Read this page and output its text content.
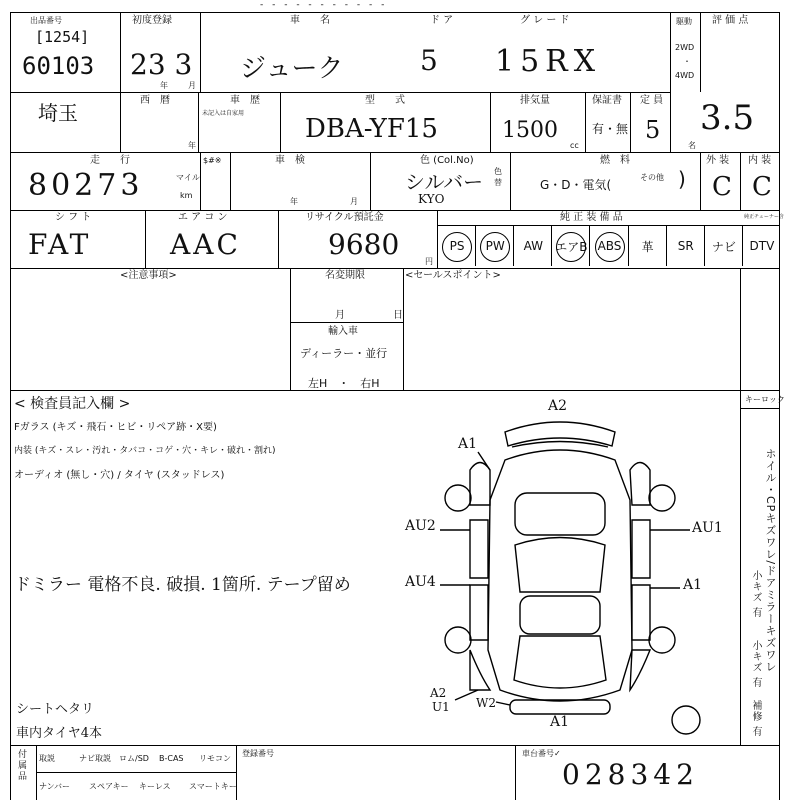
- - - - - - - - - - -
出品番号
[1254]
60103
初度登録
23 3
年	月
車　　名	ド ア	グ レ ー ド
ジューク	5 15RX
駆動
2WD
・
4WD
評 価 点
3.5
埼玉
西　暦
年
車　歴
未記入は自家用
型　　式
DBA-YF15
排気量
1500
cc
保証書
有・無
定 員
5
名
走　　行
80273	マイル
km
$#※	車　検
年	月
色 (Col.No)
シルバー
KYO
色替
燃　料
G・D・電気(
その他 )
外 装 内 装
C C
シ フ ト
FAT
エ ア コ ン
AAC
リサイクル預託金
9680
円
純 正 装 備 品	純正チューナー含
PS	PW	AW	エアB ABS	革	SR	ナビ	DTV
<注意事項>	名変期限
月	日
輸入車
ディーラー・並行
左H　・　右H
<セールスポイント>
キーロック
< 検査員記入欄 >
Fガラス (キズ・飛石・ヒビ・リペア跡・X要)
内装 (キズ・スレ・汚れ・タバコ・コゲ・穴・キレ・破れ・割れ)
オーディオ (無し・穴) / タイヤ (スタッドレス)
ドミラー 電格不良. 破損. 1箇所. テープ留め
シートヘタリ
車内タイヤ4本
A2
A1
AU2
AU4
AU1
A1
A2
U1 W2
A1
ホイル・CPキズワレ/ドアミラーキズワレ
小キズ 有
小キズ 有
補修 有
付属品
取説	ナビ取説 ロム/SD B-CAS リモコン
ナンバー スペアキー キーレス スマートキー
登録番号	車台番号✓
028342
